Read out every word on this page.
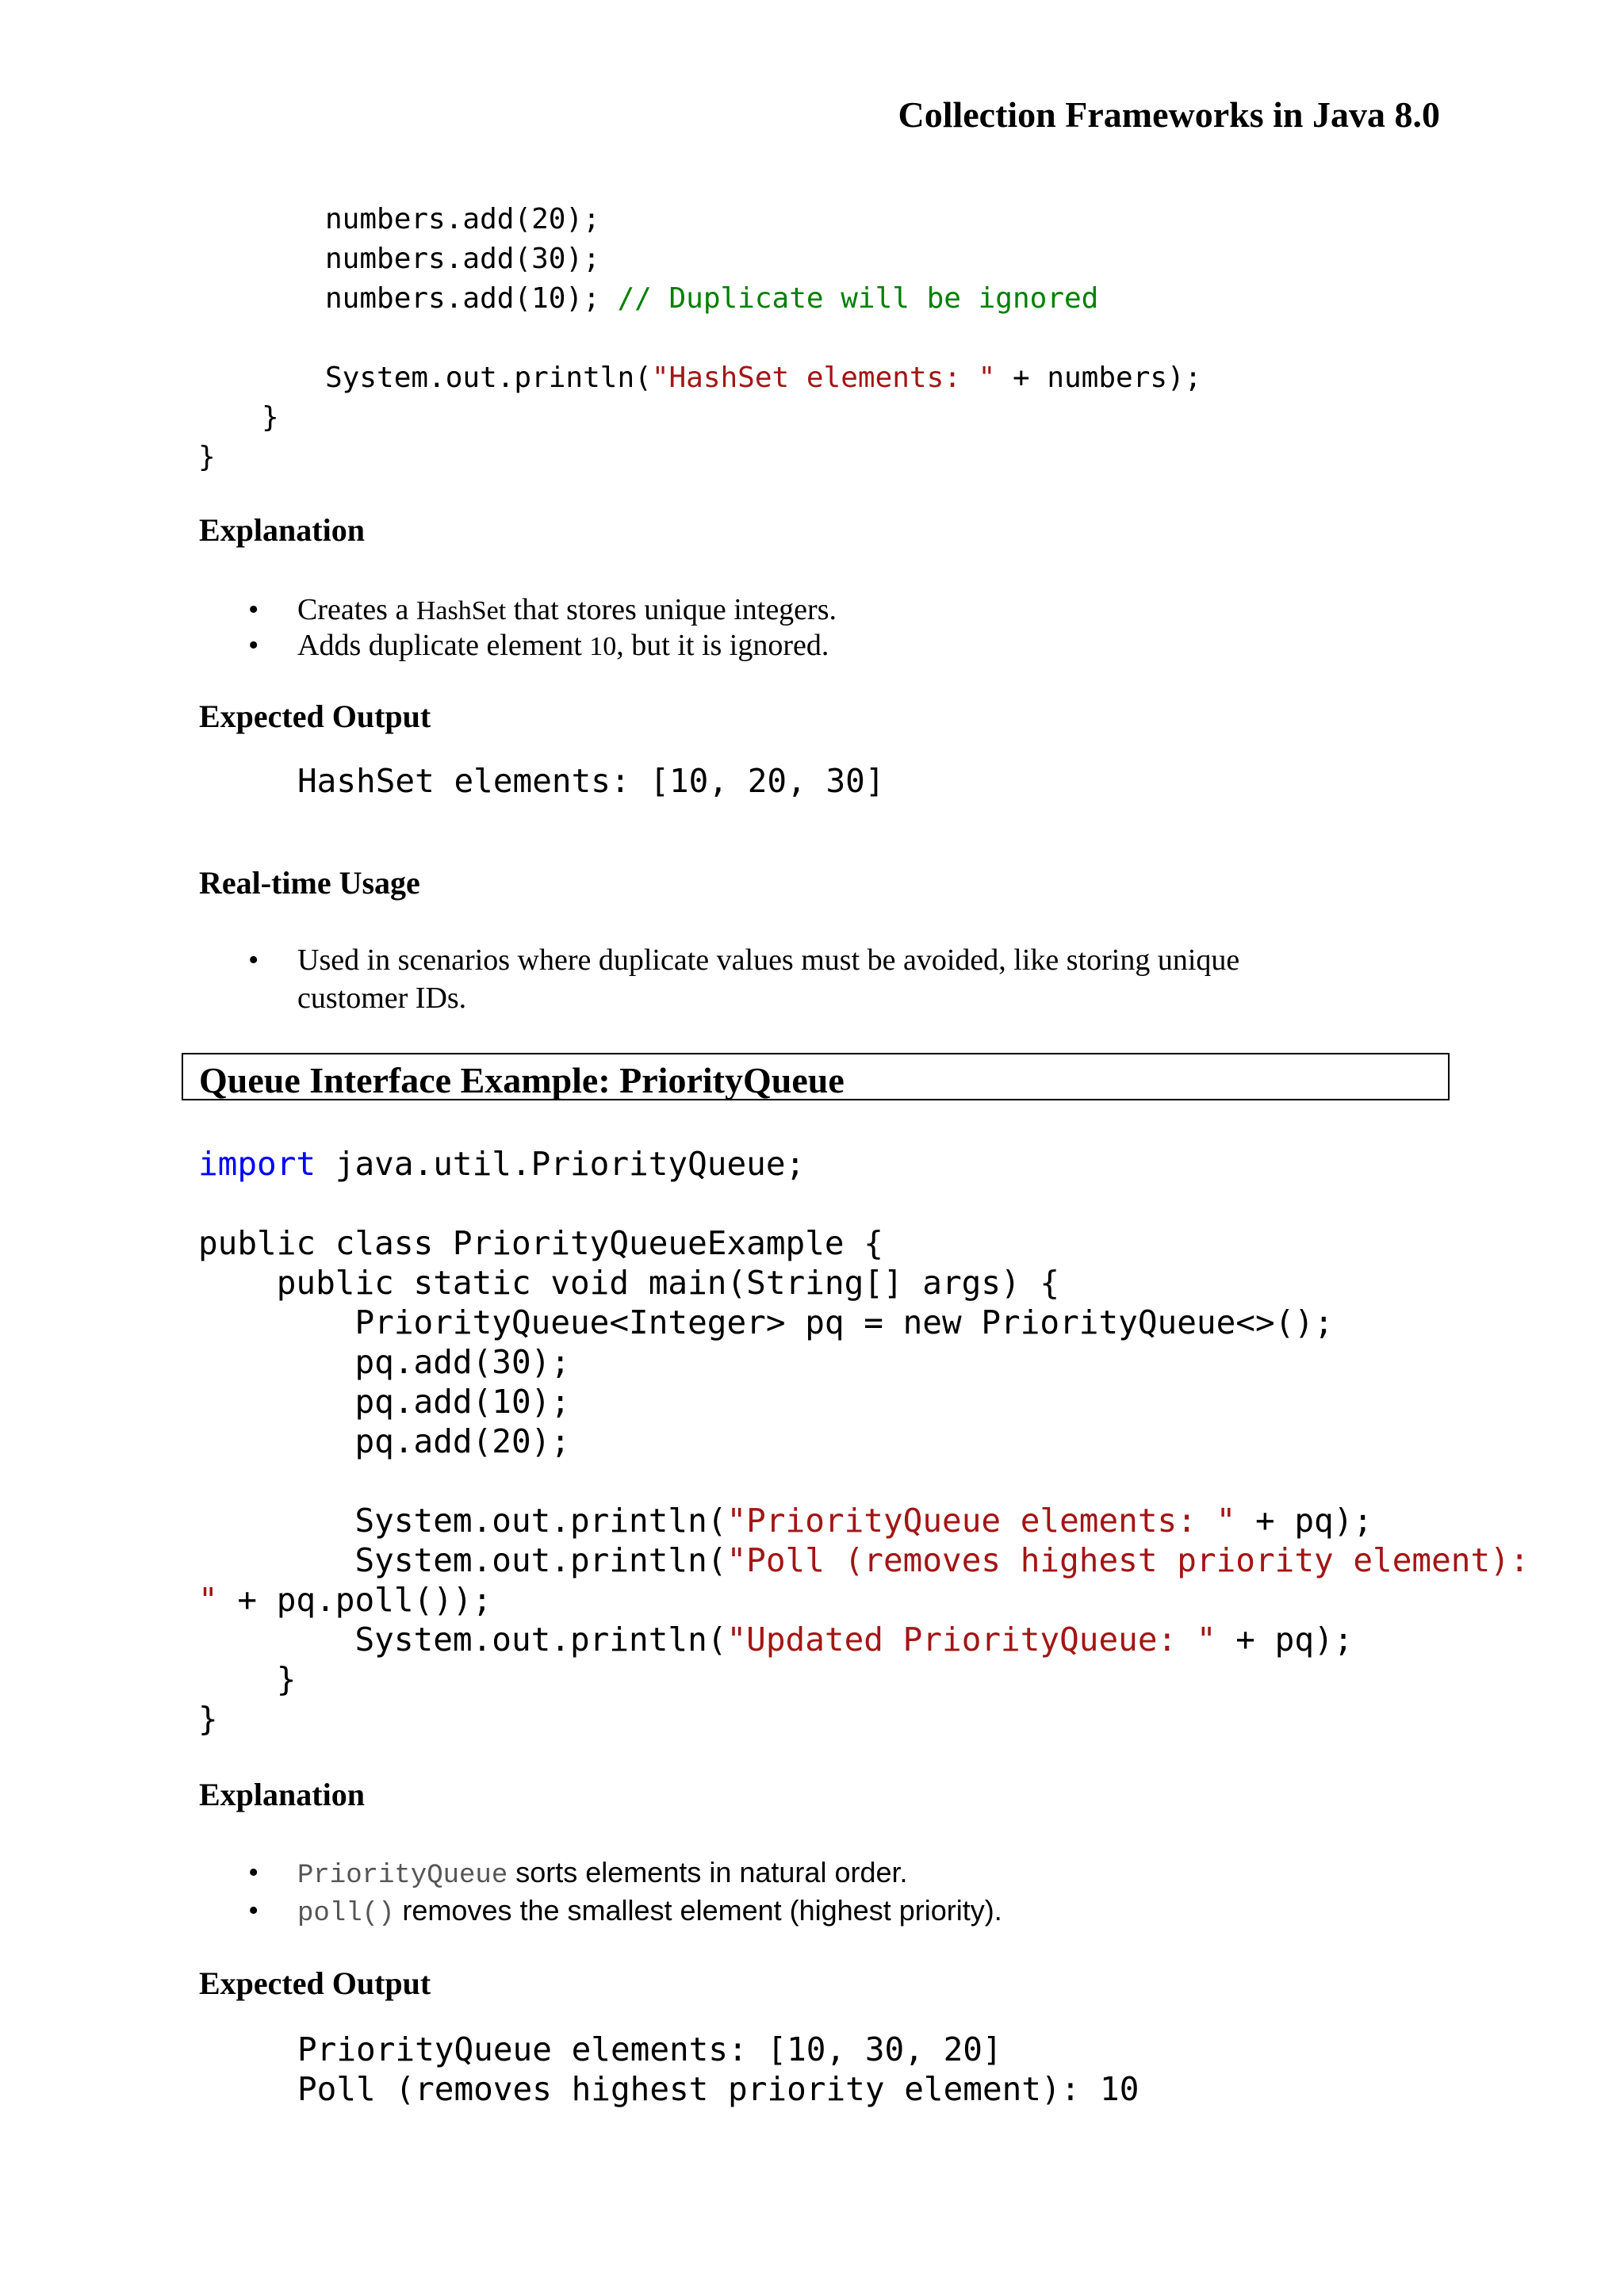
Collection Frameworks in Java 8.0
numbers.add(20);
numbers.add(30);
numbers.add(10); // Duplicate will be ignored
System.out.println("HashSet elements: " + numbers);
}
}
Explanation
• Creates a HashSet that stores unique integers.
• Adds duplicate element 10, but it is ignored.
Expected Output
HashSet elements: [10, 20, 30]
Real-time Usage
• Used in scenarios where duplicate values must be avoided, like storing unique
customer IDs.
Queue Interface Example: PriorityQueue
import java.util.PriorityQueue;
public class PriorityQueueExample {
public static void main(String[] args) {
PriorityQueue<Integer> pq = new PriorityQueue<>();
pq.add(30);
pq.add(10);
pq.add(20);
System.out.println("PriorityQueue elements: " + pq);
System.out.println("Poll (removes highest priority element):
" + pq.poll());
System.out.println("Updated PriorityQueue: " + pq);
}
}
Explanation
• PriorityQueue sorts elements in natural order.
• poll() removes the smallest element (highest priority).
Expected Output
PriorityQueue elements: [10, 30, 20]
Poll (removes highest priority element): 10
